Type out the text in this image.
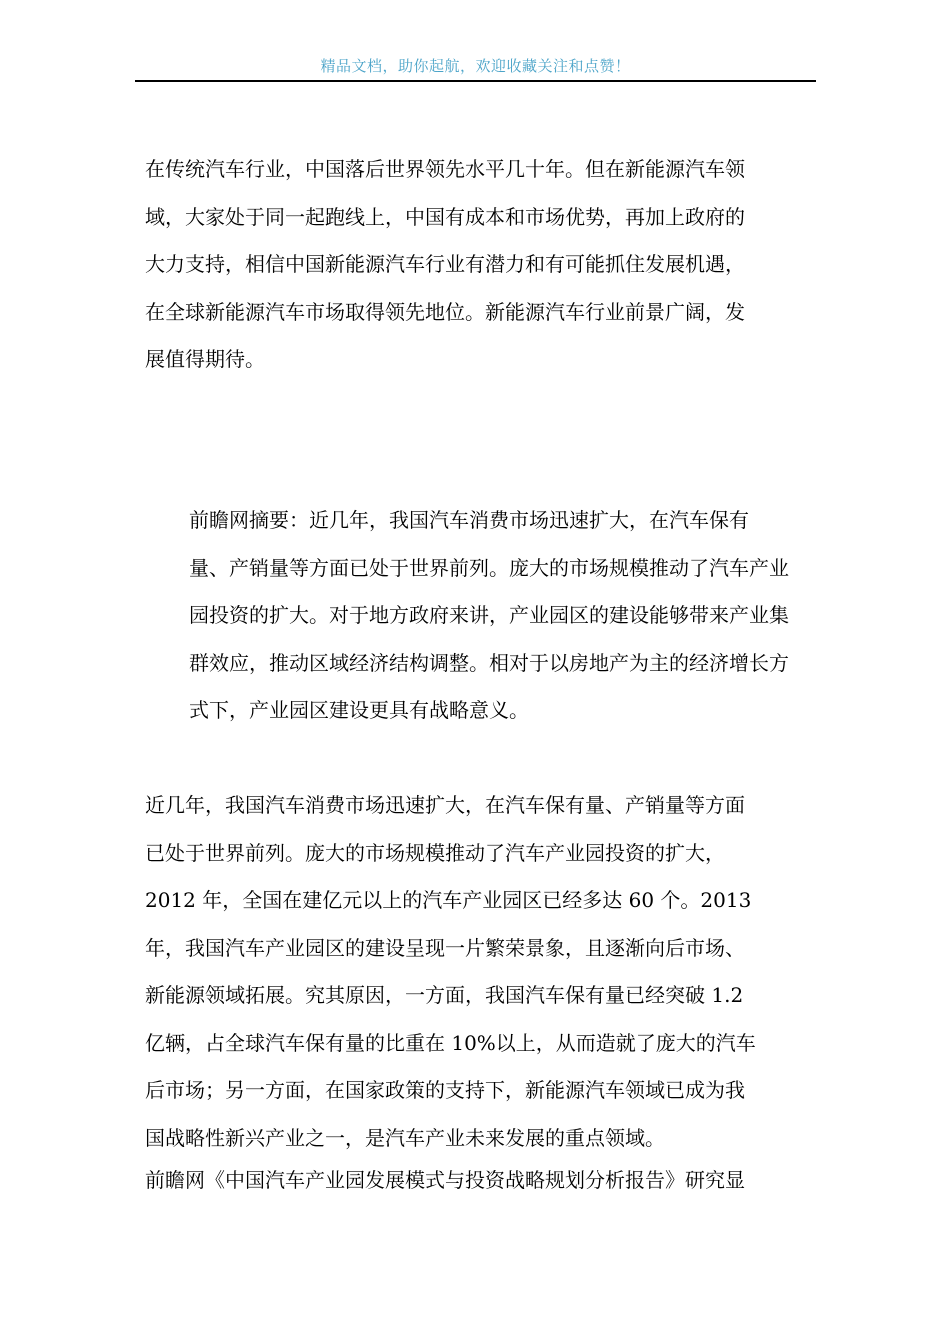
精品文档，助你起航，欢迎收藏关注和点赞！
在传统汽车行业，中国落后世界领先水平几十年。但在新能源汽车领
域，大家处于同一起跑线上，中国有成本和市场优势，再加上政府的
大力支持，相信中国新能源汽车行业有潜力和有可能抓住发展机遇，
在全球新能源汽车市场取得领先地位。新能源汽车行业前景广阔，发
展值得期待。
前瞻网摘要：近几年，我国汽车消费市场迅速扩大，在汽车保有
量、产销量等方面已处于世界前列。庞大的市场规模推动了汽车产业
园投资的扩大。对于地方政府来讲，产业园区的建设能够带来产业集
群效应，推动区域经济结构调整。相对于以房地产为主的经济增长方
式下，产业园区建设更具有战略意义。
近几年，我国汽车消费市场迅速扩大，在汽车保有量、产销量等方面
已处于世界前列。庞大的市场规模推动了汽车产业园投资的扩大，
2012 年，全国在建亿元以上的汽车产业园区已经多达 60 个。2013
年，我国汽车产业园区的建设呈现一片繁荣景象，且逐渐向后市场、
新能源领域拓展。究其原因，一方面，我国汽车保有量已经突破 1.2
亿辆，占全球汽车保有量的比重在 10%以上，从而造就了庞大的汽车
后市场；另一方面，在国家政策的支持下，新能源汽车领域已成为我
国战略性新兴产业之一，是汽车产业未来发展的重点领域。
前瞻网《中国汽车产业园发展模式与投资战略规划分析报告》研究显
